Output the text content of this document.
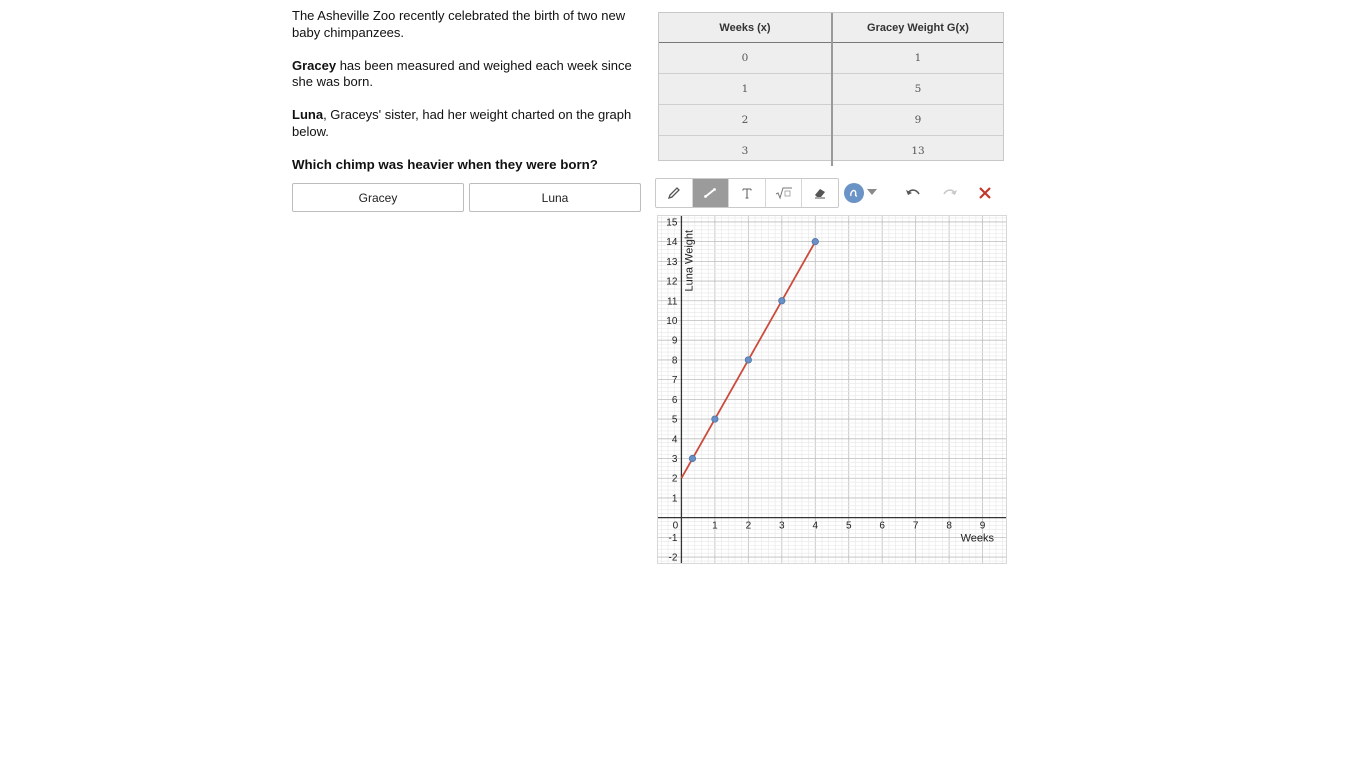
The Asheville Zoo recently celebrated the birth of two new baby chimpanzees.

Gracey has been measured and weighed each week since she was born.

Luna, Graceys' sister, had her weight charted on the graph below.

Which chimp was heavier when they were born?

Gracey	Luna
Weeks (x)	Gracey Weight G(x)
0	1
1	5
2	9
3	13
0	1	2	3	4	5	6	7	8	9
-2
-1
1
2
3
4
5
6
7
8
9
10
11
12
13
14
15
Weeks
Luna Weight
